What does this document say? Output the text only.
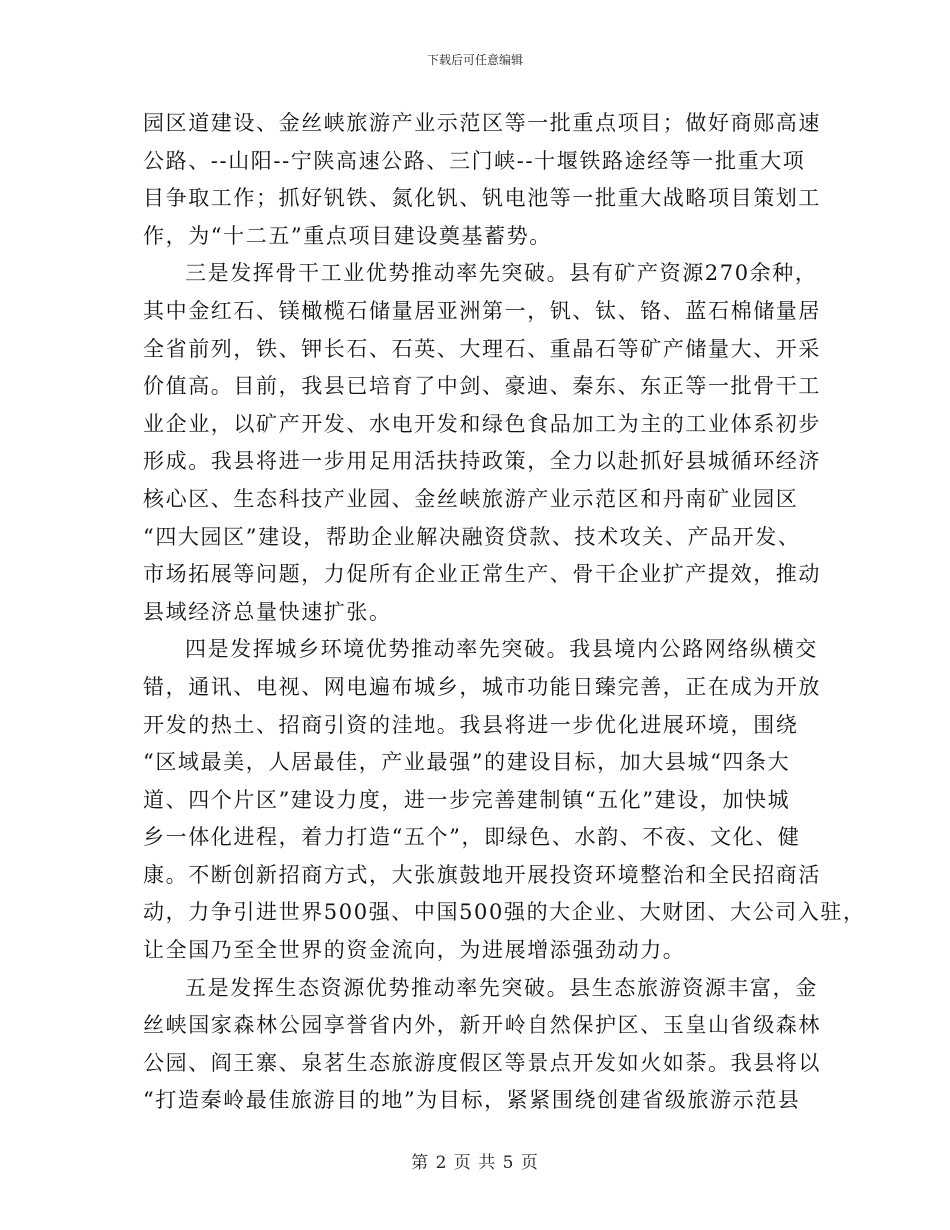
下载后可任意编辑
园区道建设、金丝峡旅游产业示范区等一批重点项目；做好商郧高速
公路、--山阳--宁陕高速公路、三门峡--十堰铁路途经等一批重大项
目争取工作；抓好钒铁、氮化钒、钒电池等一批重大战略项目策划工
作，为“十二五”重点项目建设奠基蓄势。
三是发挥骨干工业优势推动率先突破。县有矿产资源270余种，
其中金红石、镁橄榄石储量居亚洲第一，钒、钛、铬、蓝石棉储量居
全省前列，铁、钾长石、石英、大理石、重晶石等矿产储量大、开采
价值高。目前，我县已培育了中剑、豪迪、秦东、东正等一批骨干工
业企业，以矿产开发、水电开发和绿色食品加工为主的工业体系初步
形成。我县将进一步用足用活扶持政策，全力以赴抓好县城循环经济
核心区、生态科技产业园、金丝峡旅游产业示范区和丹南矿业园区
“四大园区”建设，帮助企业解决融资贷款、技术攻关、产品开发、
市场拓展等问题，力促所有企业正常生产、骨干企业扩产提效，推动
县域经济总量快速扩张。
四是发挥城乡环境优势推动率先突破。我县境内公路网络纵横交
错，通讯、电视、网电遍布城乡，城市功能日臻完善，正在成为开放
开发的热土、招商引资的洼地。我县将进一步优化进展环境，围绕
“区域最美，人居最佳，产业最强”的建设目标，加大县城“四条大
道、四个片区”建设力度，进一步完善建制镇“五化”建设，加快城
乡一体化进程，着力打造“五个”，即绿色、水韵、不夜、文化、健
康。不断创新招商方式，大张旗鼓地开展投资环境整治和全民招商活
动，力争引进世界500强、中国500强的大企业、大财团、大公司入驻，
让全国乃至全世界的资金流向，为进展增添强劲动力。
五是发挥生态资源优势推动率先突破。县生态旅游资源丰富，金
丝峡国家森林公园享誉省内外，新开岭自然保护区、玉皇山省级森林
公园、阎王寨、泉茗生态旅游度假区等景点开发如火如荼。我县将以
“打造秦岭最佳旅游目的地”为目标，紧紧围绕创建省级旅游示范县
第 2 页 共 5 页
